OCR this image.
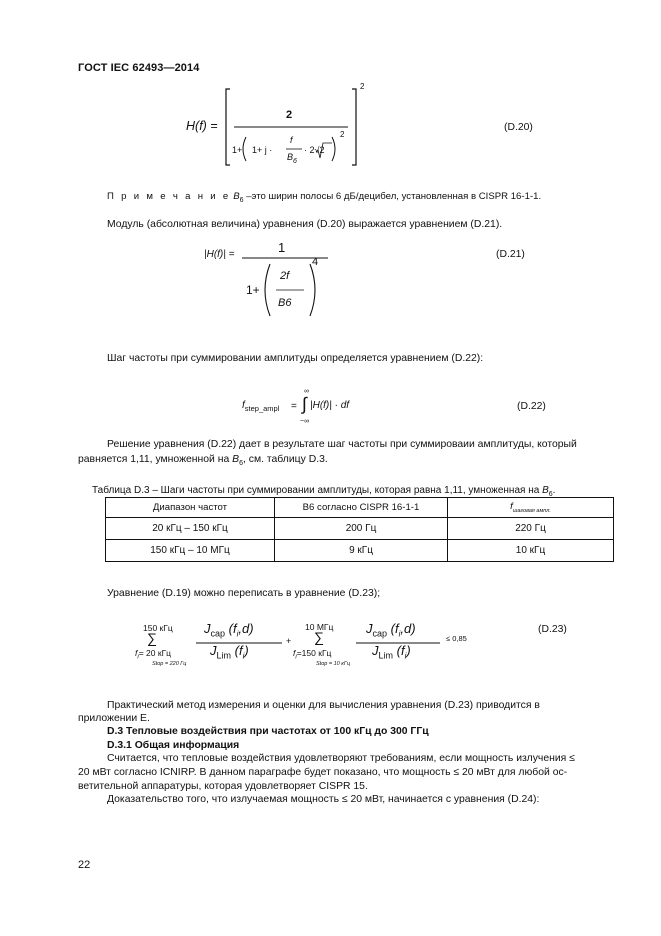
ГОСТ IEC 62493—2014
H(f) =
2
1+ 1+ j ·
f
$B_6$
· 2√2
2
2
(D.20)
П р и м е ч а н и е $B_6$ –это ширин полосы 6 дБ/децибел, установленная в CISPR 16-1-1.
Модуль (абсолютная величина) уравнения (D.20) выражается уравнением (D.21).
|H(f)| =	1
1+
2f
B6
4
(D.21)
Шаг частоты при суммировании амплитуды определяется уравнением (D.22):
$f_{step\_ampl}$ =
∞
∫
−∞
|H(f)| · df	(D.22)
Решение уравнения (D.22) дает в результате шаг частоты при суммироваии амплитуды, который
равняется 1,11, умноженной на $B_6$, см. таблицу D.3.
Таблица D.3 – Шаги частоты при суммировании амплитуды, которая равна 1,11, умноженная на $B_6$.
Диапазон частот	B6 согласно CISPR 16-1-1	$f_{шаговая ампл.}$
20 кГц – 150 кГц	200 Гц	220 Гц
150 кГц – 10 МГц	9 кГц	10 кГц
Уравнение (D.19) можно переписать в уравнение (D.23);
150 кГц
∑
$f_i= 20$ кГц
Stop = 220 Гц
$J_{cap}$ $(f_i,d)$
$J_{Lim}$ $(f_i)$
+
10 МГц
∑
$f_i=150$ кГц
Stop = 10 кГц
$J_{cap}$ $(f_i,d)$
$J_{Lim}$ $(f_i)$
≤ 0,85
(D.23)
Практический метод измерения и оценки для вычисления уравнения (D.23) приводится в
приложении Е.
D.3 Тепловые воздействия при частотах от 100 кГц до 300 ГГц
D.3.1 Общая информация
Считается, что тепловые воздействия удовлетворяют требованиям, если мощность излучения ≤
20 мВт согласно ICNIRP. В данном параграфе будет показано, что мощность ≤ 20 мВт для любой ос-
ветительной аппаратуры, которая удовлетворяет CISPR 15.
Доказательство того, что излучаемая мощность ≤ 20 мВт, начинается с уравнения (D.24):
22
